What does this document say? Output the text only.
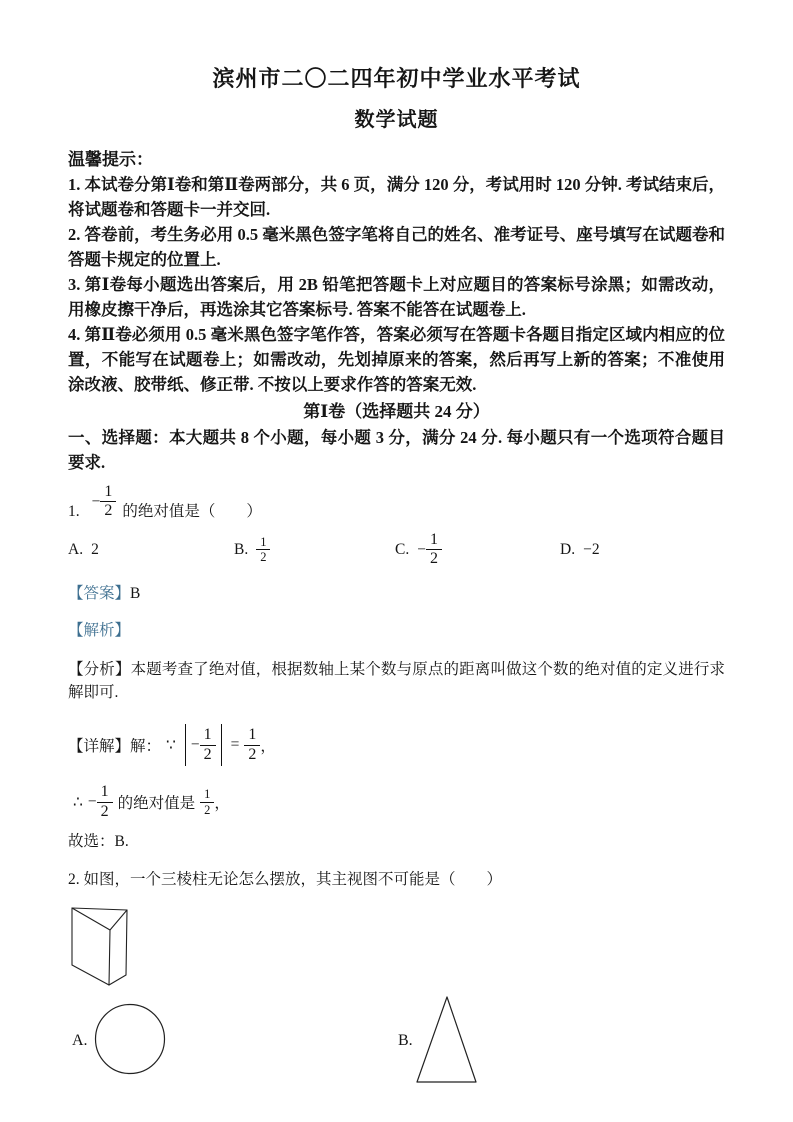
滨州市二〇二四年初中学业水平考试
数学试题

温馨提示：

1. 本试卷分第Ⅰ卷和第Ⅱ卷两部分，共 6 页，满分 120 分，考试用时 120 分钟. 考试结束后，将试题卷和答题卡一并交回.

2. 答卷前，考生务必用 0.5 毫米黑色签字笔将自己的姓名、准考证号、座号填写在试题卷和答题卡规定的位置上.

3. 第Ⅰ卷每小题选出答案后，用 2B 铅笔把答题卡上对应题目的答案标号涂黑；如需改动，用橡皮擦干净后，再选涂其它答案标号. 答案不能答在试题卷上.

4. 第Ⅱ卷必须用 0.5 毫米黑色签字笔作答，答案必须写在答题卡各题目指定区域内相应的位置，不能写在试题卷上；如需改动，先划掉原来的答案，然后再写上新的答案；不准使用涂改液、胶带纸、修正带. 不按以上要求作答的答案无效.

第Ⅰ卷（选择题共 24 分）

一、选择题：本大题共 8 个小题，每小题 3 分，满分 24 分. 每小题只有一个选项符合题目要求.

1.
− $\frac{1}{2}$ 的绝对值是（　　）
A. 2	B. $\frac{1}{2}$	C. − $\frac{1}{2}$	D. −2

【答案】B

【解析】

【分析】本题考查了绝对值，根据数轴上某个数与原点的距离叫做这个数的绝对值的定义进行求解即可.

【详解】解： ∵ − $\frac{1}{2} = \frac{1}{2}$ ，
∴ − $\frac{1}{2}$ 的绝对值是 $\frac{1}{2}$ ，

故选：B.

2. 如图，一个三棱柱无论怎么摆放，其主视图不可能是（　　）

A.	B.
